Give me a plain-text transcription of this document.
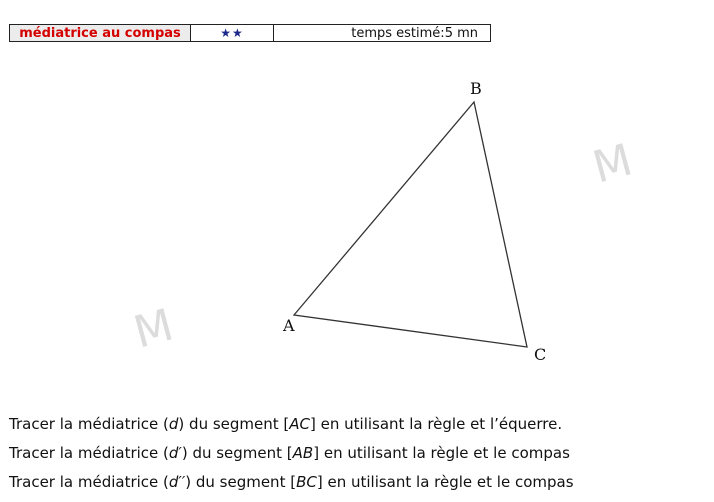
médiatrice au compas	★★	temps estimé:5 mn
M
M	A
B
C
Tracer la médiatrice (d) du segment [AC] en utilisant la règle et l’équerre.
Tracer la médiatrice (d′) du segment [AB] en utilisant la règle et le compas
Tracer la médiatrice (d′′) du segment [BC] en utilisant la règle et le compas
